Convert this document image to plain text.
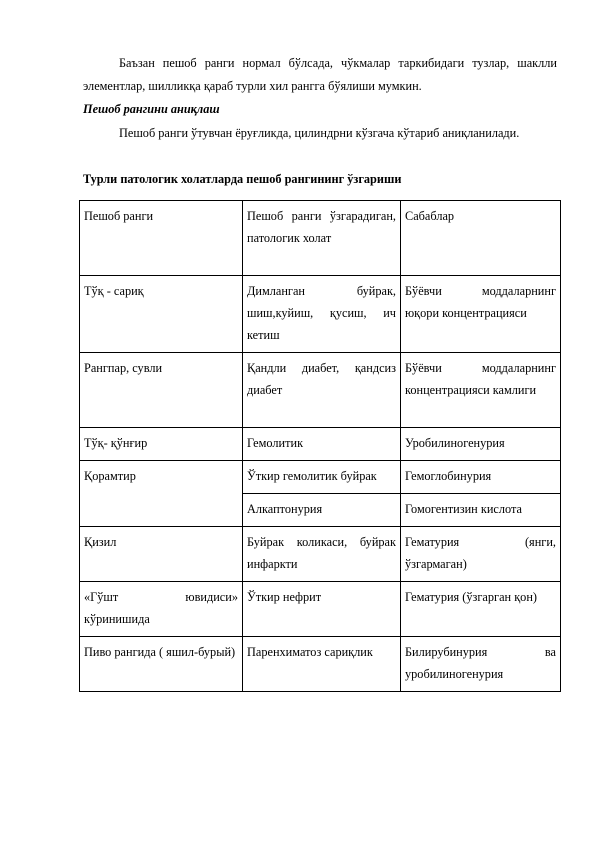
Баъзан пешоб ранги нормал бўлсада, чўкмалар таркибидаги тузлар, шаклли элементлар, шилликқа қараб турли хил рангга бўялиши мумкин.

Пешоб рангини аниқлаш

Пешоб ранги ўтувчан ёруғликда, цилиндрни кўзгача кўтариб аниқланилади.

Турли патологик холатларда пешоб рангининг ўзгариши

Пешоб ранги	Пешоб ранги ўзгарадиган, патологик холат	Сабаблар
Тўқ - сариқ	Димланган буйрак, шиш,куйиш, қусиш, ич кетиш	Бўёвчи моддаларнинг юқори концентрацияси
Рангпар, сувли	Қандли диабет, қандсиз диабет	Бўёвчи моддаларнинг концентрацияси камлиги
Тўқ- қўнғир	Гемолитик	Уробилиногенурия
Қорамтир	Ўткир гемолитик буйрак	Гемоглобинурия
	Алкаптонурия	Гомогентизин кислота
Қизил	Буйрак коликаси, буйрак инфаркти	Гематурия (янги, ўзгармаган)
«Гўшт ювидиси» кўринишида	Ўткир нефрит	Гематурия (ўзгарган қон)
Пиво рангида ( яшил-бурый)	Паренхиматоз сариқлик	Билирубинурия ва уробилиногенурия
